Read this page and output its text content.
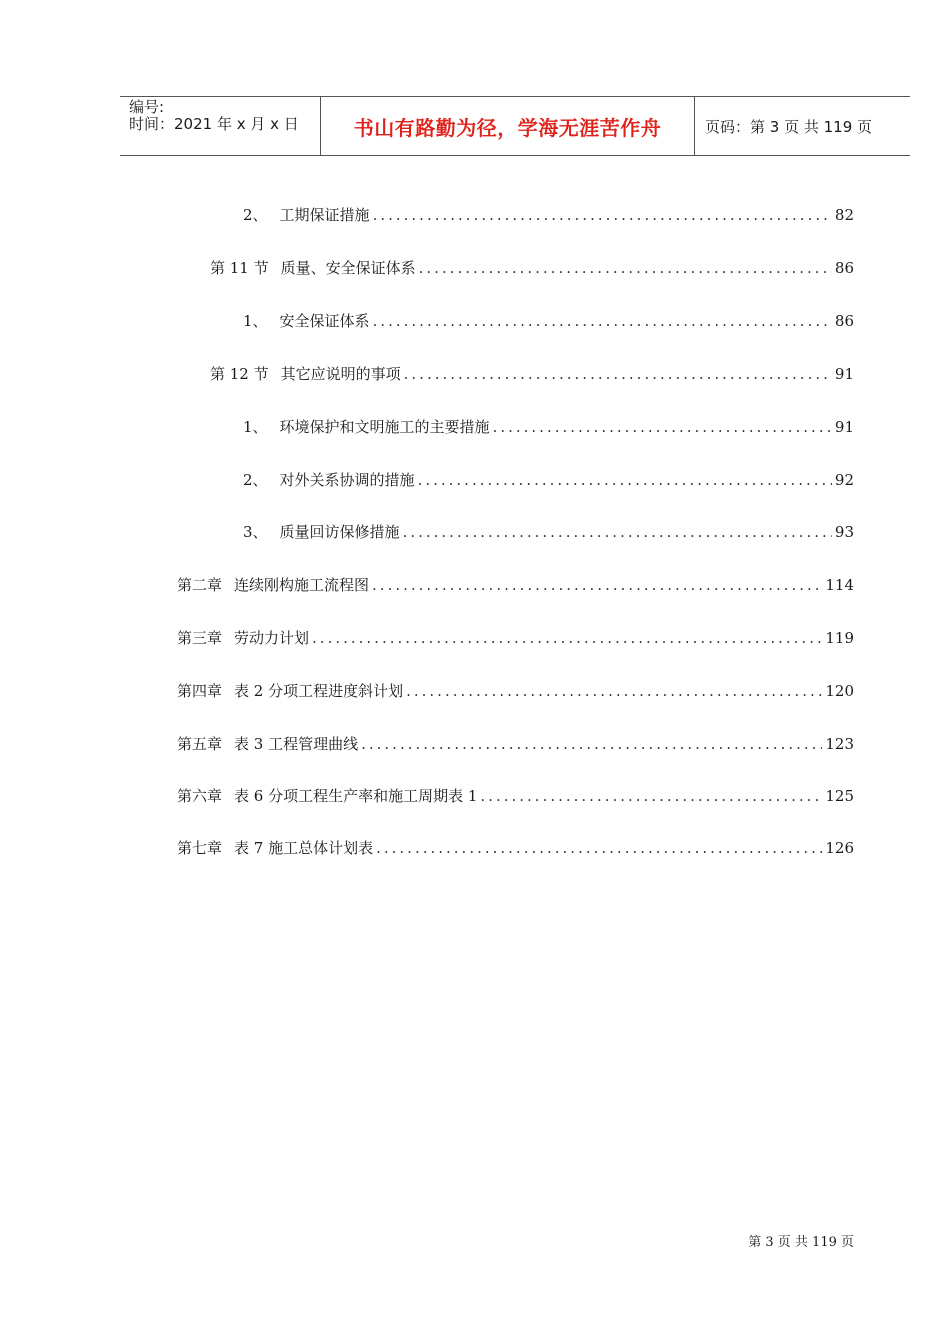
编号:
时间：2021 年 x 月 x 日	书山有路勤为径，学海无涯苦作舟	页码：第 3 页 共 119 页
2、 工期保证措施 .....	82
第 11 节 质量、安全保证体系 .....	86
1、 安全保证体系 .....	86
第 12 节 其它应说明的事项 .....	91
1、 环境保护和文明施工的主要措施 .....	91
2、 对外关系协调的措施 .....	92
3、 质量回访保修措施 .....	93
第二章 连续刚构施工流程图 .....	114
第三章 劳动力计划 .....	119
第四章 表 2 分项工程进度斜计划 .....	120
第五章 表 3 工程管理曲线 .....	123
第六章 表 6 分项工程生产率和施工周期表 1 .....	125
第七章 表 7 施工总体计划表 .....	126
第 3 页 共 119 页
